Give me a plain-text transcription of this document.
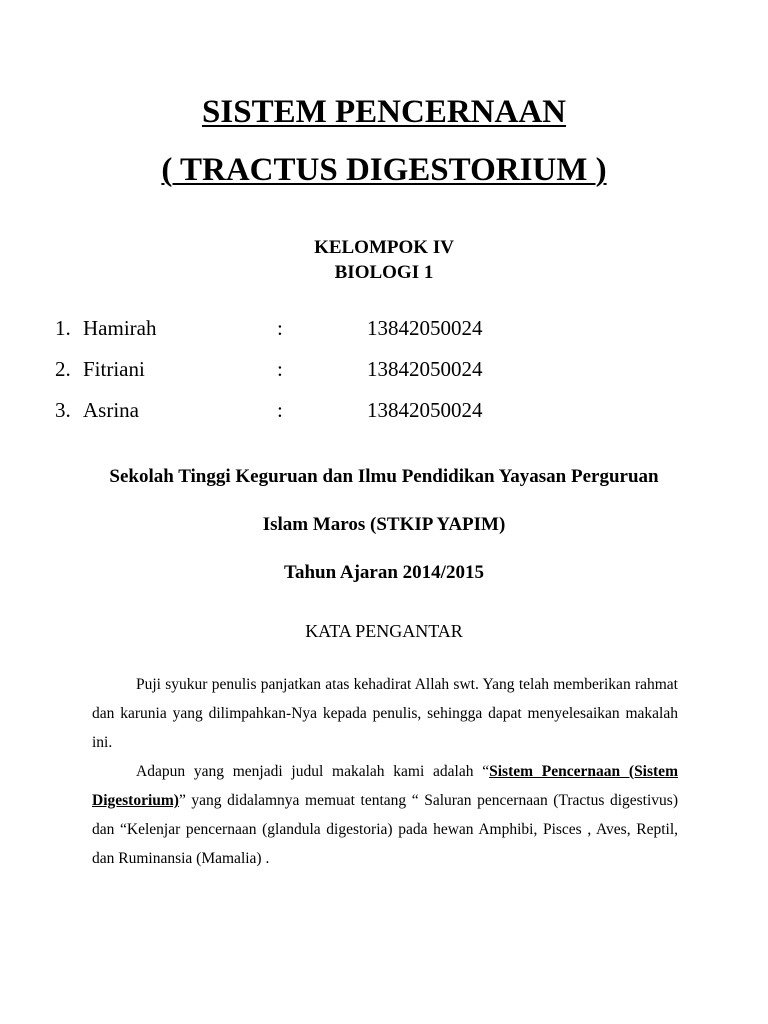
SISTEM PENCERNAAN
( TRACTUS DIGESTORIUM )
KELOMPOK IV
BIOLOGI 1
1. Hamirah	:	13842050024
2. Fitriani	:	13842050024
3. Asrina	:	13842050024
Sekolah Tinggi Keguruan dan Ilmu Pendidikan Yayasan Perguruan
Islam Maros (STKIP YAPIM)
Tahun Ajaran 2014/2015
KATA PENGANTAR

Puji syukur penulis panjatkan atas kehadirat Allah swt. Yang telah memberikan rahmat dan karunia yang dilimpahkan-Nya kepada penulis, sehingga dapat menyelesaikan makalah ini.

Adapun yang menjadi judul makalah kami adalah “Sistem Pencernaan (Sistem Digestorium)” yang didalamnya memuat tentang “ Saluran pencernaan (Tractus digestivus) dan “Kelenjar pencernaan (glandula digestoria) pada hewan Amphibi, Pisces , Aves, Reptil, dan Ruminansia (Mamalia) .
